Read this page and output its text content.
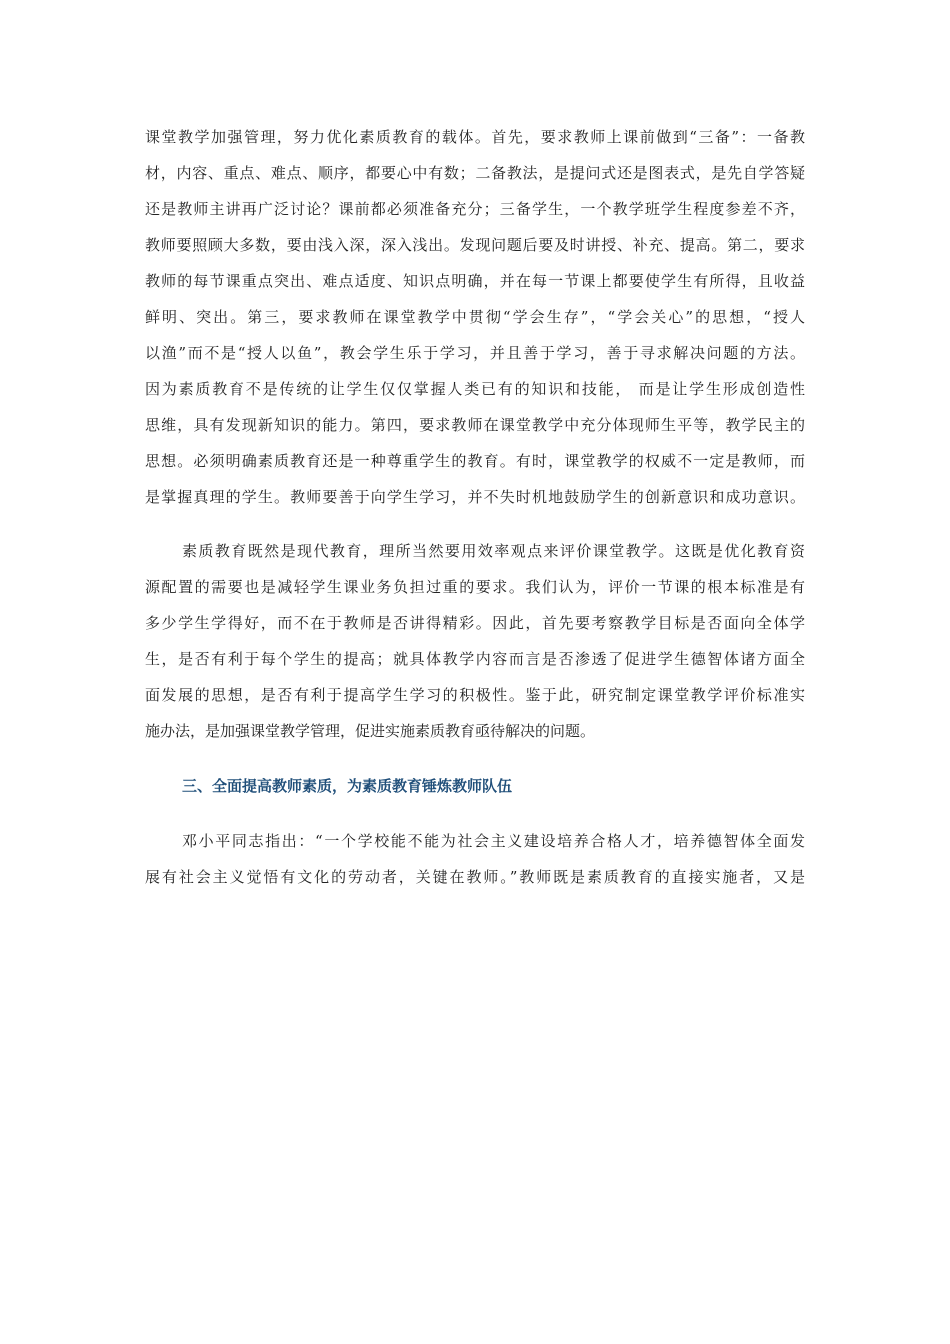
课堂教学加强管理，努力优化素质教育的载体。首先，要求教师上课前做到“三备”：一备教
材，内容、重点、难点、顺序，都要心中有数；二备教法，是提问式还是图表式，是先自学答疑
还是教师主讲再广泛讨论？课前都必须准备充分；三备学生，一个教学班学生程度参差不齐，
教师要照顾大多数，要由浅入深，深入浅出。发现问题后要及时讲授、补充、提高。第二，要求
教师的每节课重点突出、难点适度、知识点明确，并在每一节课上都要使学生有所得，且收益
鲜明、突出。第三，要求教师在课堂教学中贯彻“学会生存”，“学会关心”的思想，“授人
以渔”而不是“授人以鱼”，教会学生乐于学习，并且善于学习，善于寻求解决问题的方法。
因为素质教育不是传统的让学生仅仅掌握人类已有的知识和技能， 而是让学生形成创造性
思维，具有发现新知识的能力。第四，要求教师在课堂教学中充分体现师生平等，教学民主的
思想。必须明确素质教育还是一种尊重学生的教育。有时，课堂教学的权威不一定是教师，而
是掌握真理的学生。教师要善于向学生学习，并不失时机地鼓励学生的创新意识和成功意识。
素质教育既然是现代教育，理所当然要用效率观点来评价课堂教学。这既是优化教育资
源配置的需要也是减轻学生课业务负担过重的要求。我们认为，评价一节课的根本标准是有
多少学生学得好，而不在于教师是否讲得精彩。因此，首先要考察教学目标是否面向全体学
生，是否有利于每个学生的提高；就具体教学内容而言是否渗透了促进学生德智体诸方面全
面发展的思想，是否有利于提高学生学习的积极性。鉴于此，研究制定课堂教学评价标准实
施办法，是加强课堂教学管理，促进实施素质教育亟待解决的问题。
三、全面提高教师素质，为素质教育锤炼教师队伍
邓小平同志指出：“一个学校能不能为社会主义建设培养合格人才，培养德智体全面发
展有社会主义觉悟有文化的劳动者，关键在教师。”教师既是素质教育的直接实施者，又是
